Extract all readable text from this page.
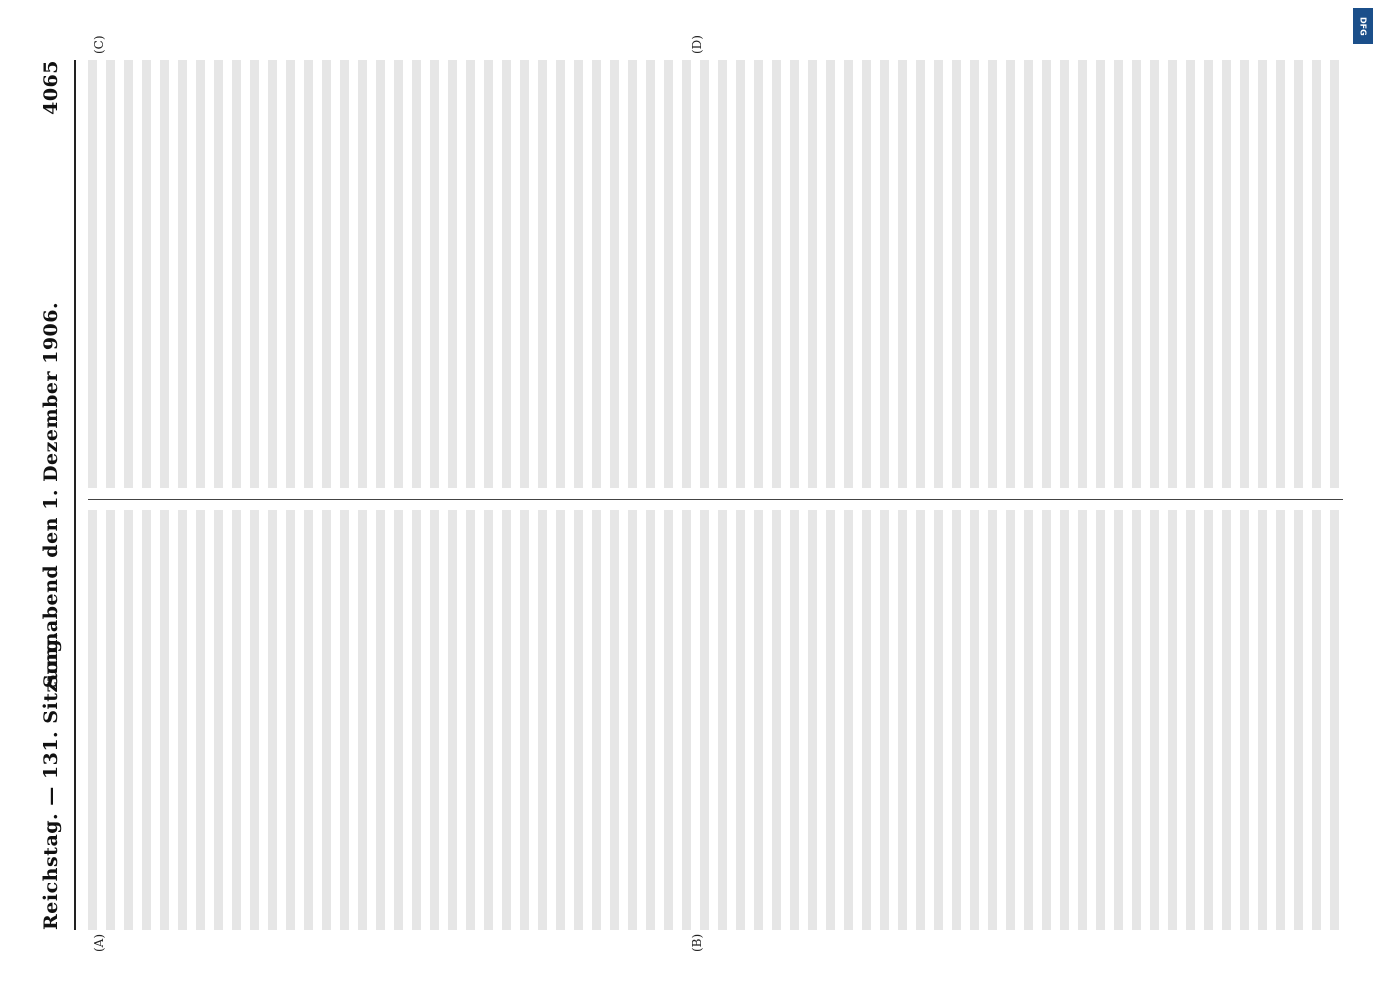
Reichstag. — 131. Sitzung.
Sonnabend den 1. Dezember 1906.
4065
(A)	(B)
(C)	(D)
DFG
